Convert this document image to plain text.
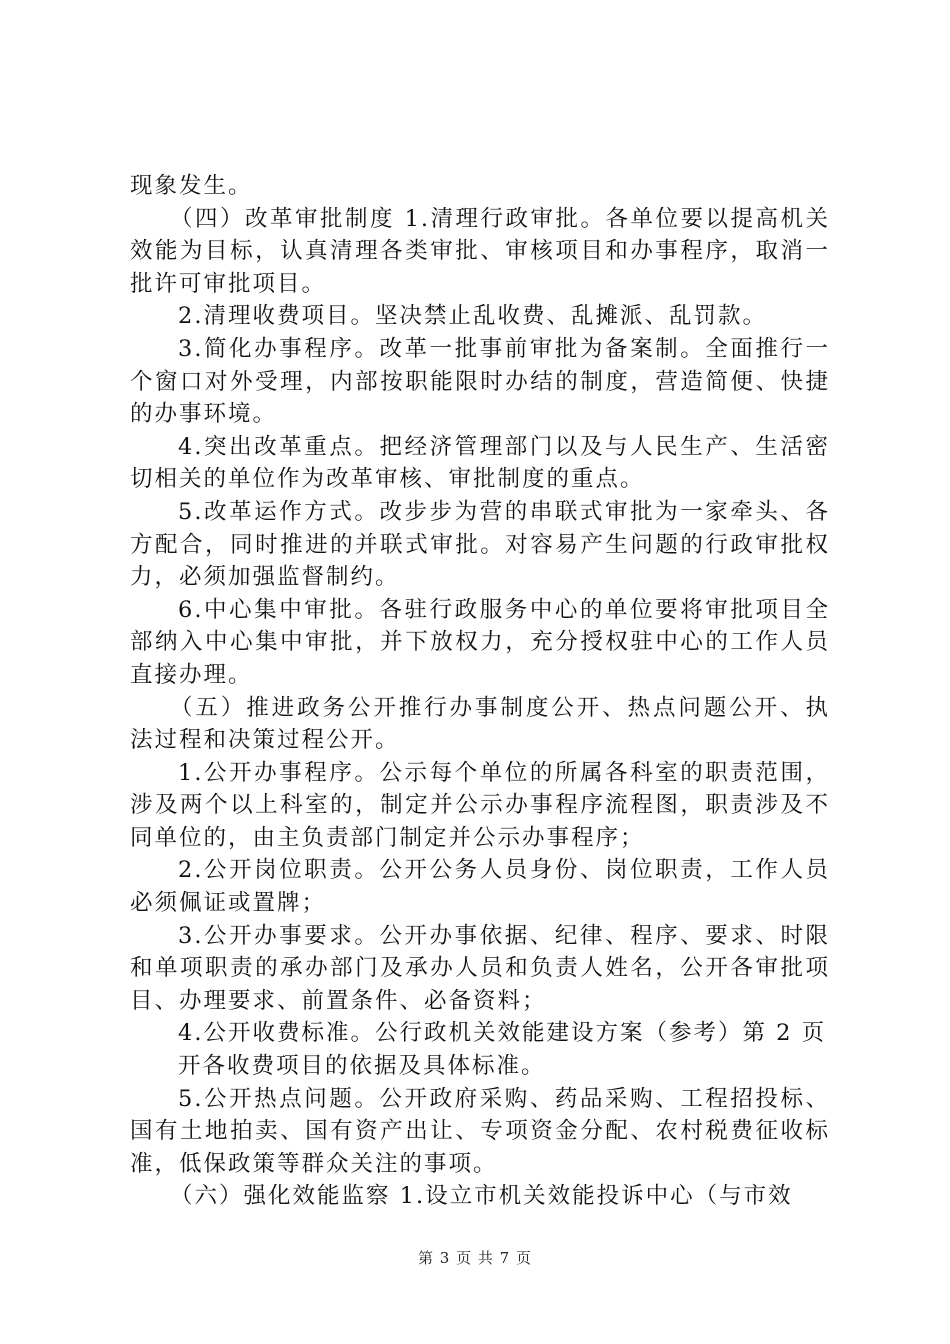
现象发生。

（四）改革审批制度 1.清理行政审批。各单位要以提高机关效能为目标，认真清理各类审批、审核项目和办事程序，取消一批许可审批项目。

2.清理收费项目。坚决禁止乱收费、乱摊派、乱罚款。

3.简化办事程序。改革一批事前审批为备案制。全面推行一个窗口对外受理，内部按职能限时办结的制度，营造简便、快捷的办事环境。

4.突出改革重点。把经济管理部门以及与人民生产、生活密切相关的单位作为改革审核、审批制度的重点。

5.改革运作方式。改步步为营的串联式审批为一家牵头、各方配合，同时推进的并联式审批。对容易产生问题的行政审批权力，必须加强监督制约。

6.中心集中审批。各驻行政服务中心的单位要将审批项目全部纳入中心集中审批，并下放权力，充分授权驻中心的工作人员直接办理。

（五）推进政务公开推行办事制度公开、热点问题公开、执法过程和决策过程公开。

1.公开办事程序。公示每个单位的所属各科室的职责范围，涉及两个以上科室的，制定并公示办事程序流程图，职责涉及不同单位的，由主负责部门制定并公示办事程序；

2.公开岗位职责。公开公务人员身份、岗位职责，工作人员必须佩证或置牌；

3.公开办事要求。公开办事依据、纪律、程序、要求、时限和单项职责的承办部门及承办人员和负责人姓名，公开各审批项目、办理要求、前置条件、必备资料；

4.公开收费标准。公行政机关效能建设方案（参考）第 2 页

开各收费项目的依据及具体标准。

5.公开热点问题。公开政府采购、药品采购、工程招投标、国有土地拍卖、国有资产出让、专项资金分配、农村税费征收标准，低保政策等群众关注的事项。

（六）强化效能监察 1.设立市机关效能投诉中心（与市效

第 3 页 共 7 页
